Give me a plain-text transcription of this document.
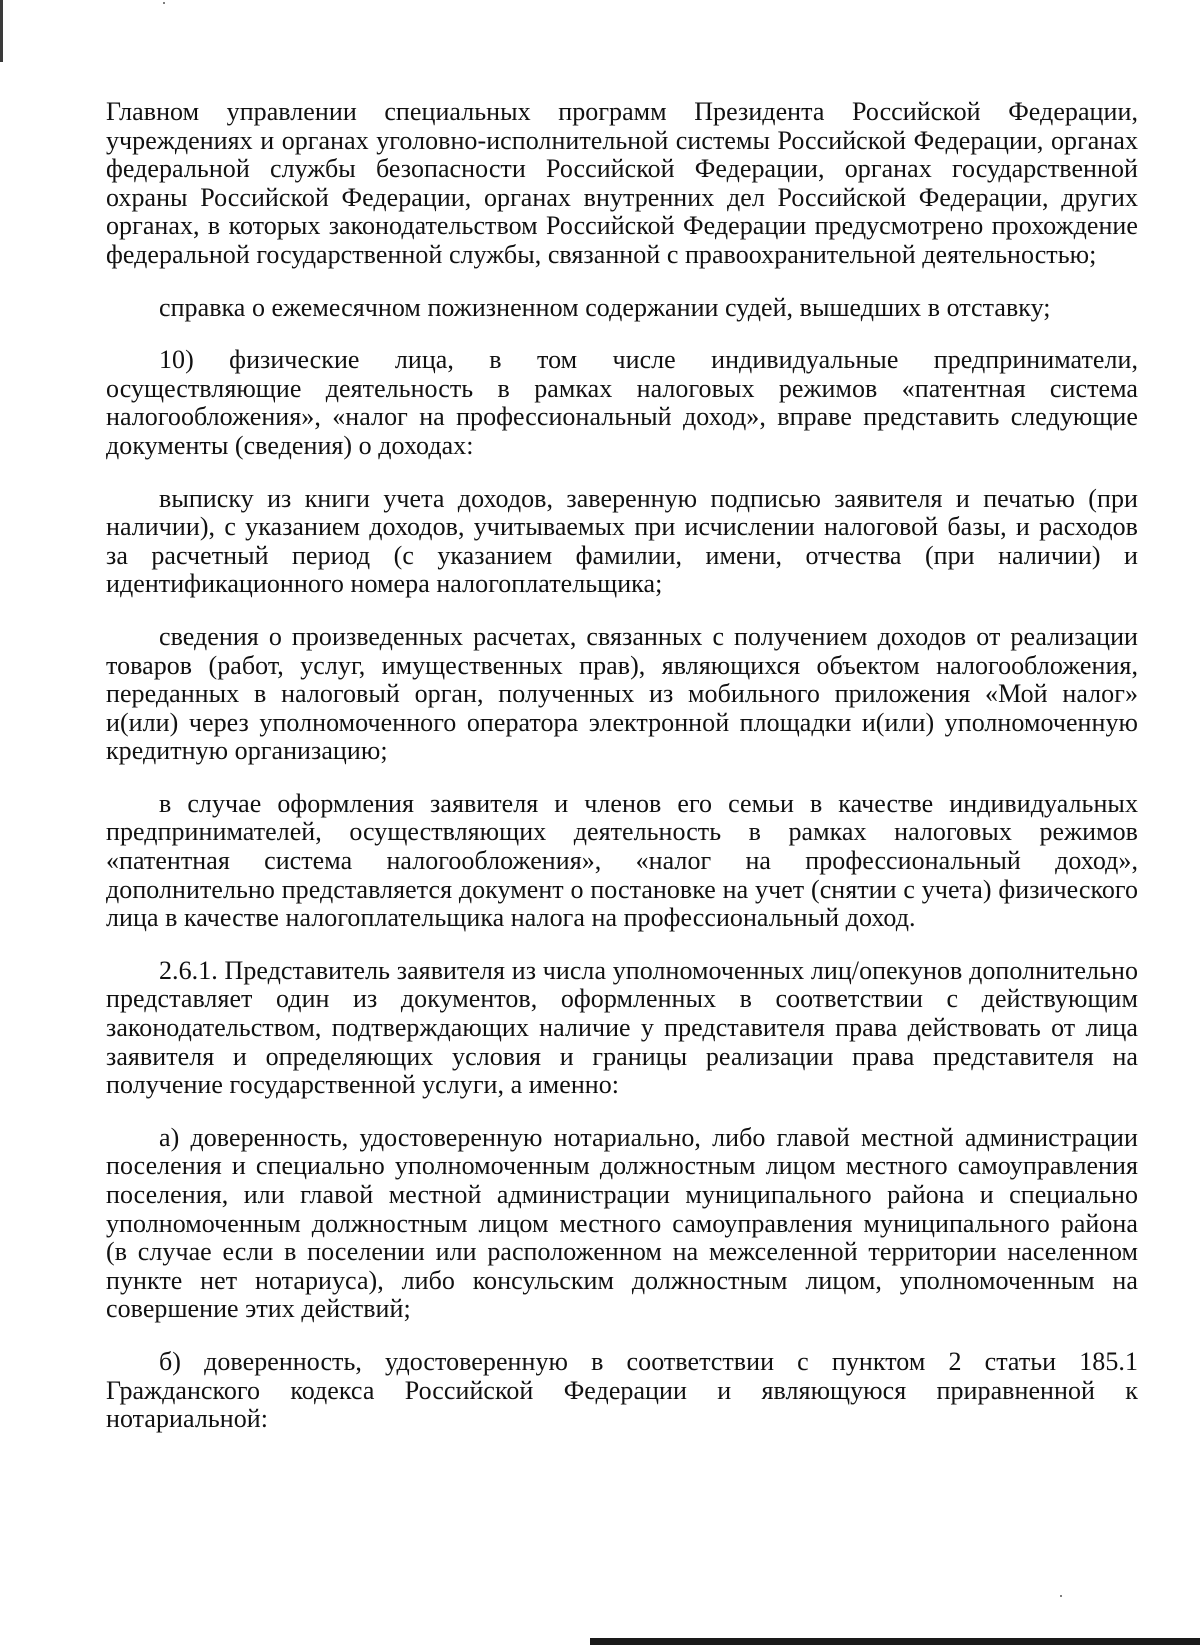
Главном управлении специальных программ Президента Российской Федерации, учреждениях и органах уголовно-исполнительной системы Российской Федерации, органах федеральной службы безопасности Российской Федерации, органах государственной охраны Российской Федерации, органах внутренних дел Российской Федерации, других органах, в которых законодательством Российской Федерации предусмотрено прохождение федеральной государственной службы, связанной с правоохранительной деятельностью;

справка о ежемесячном пожизненном содержании судей, вышедших в отставку;

10) физические лица, в том числе индивидуальные предприниматели, осуществляющие деятельность в рамках налоговых режимов «патентная система налогообложения», «налог на профессиональный доход», вправе представить следующие документы (сведения) о доходах:

выписку из книги учета доходов, заверенную подписью заявителя и печатью (при наличии), с указанием доходов, учитываемых при исчислении налоговой базы, и расходов за расчетный период (с указанием фамилии, имени, отчества (при наличии) и идентификационного номера налогоплательщика;

сведения о произведенных расчетах, связанных с получением доходов от реализации товаров (работ, услуг, имущественных прав), являющихся объектом налогообложения, переданных в налоговый орган, полученных из мобильного приложения «Мой налог» и(или) через уполномоченного оператора электронной площадки и(или) уполномоченную кредитную организацию;

в случае оформления заявителя и членов его семьи в качестве индивидуальных предпринимателей, осуществляющих деятельность в рамках налоговых режимов «патентная система налогообложения», «налог на профессиональный доход», дополнительно представляется документ о постановке на учет (снятии с учета) физического лица в качестве налогоплательщика налога на профессиональный доход.

2.6.1. Представитель заявителя из числа уполномоченных лиц/опекунов дополнительно представляет один из документов, оформленных в соответствии с действующим законодательством, подтверждающих наличие у представителя права действовать от лица заявителя и определяющих условия и границы реализации права представителя на получение государственной услуги, а именно:

а) доверенность, удостоверенную нотариально, либо главой местной администрации поселения и специально уполномоченным должностным лицом местного самоуправления поселения, или главой местной администрации муниципального района и специально уполномоченным должностным лицом местного самоуправления муниципального района (в случае если в поселении или расположенном на межселенной территории населенном пункте нет нотариуса), либо консульским должностным лицом, уполномоченным на совершение этих действий;

б) доверенность, удостоверенную в соответствии с пунктом 2 статьи 185.1 Гражданского кодекса Российской Федерации и являющуюся приравненной к нотариальной:
